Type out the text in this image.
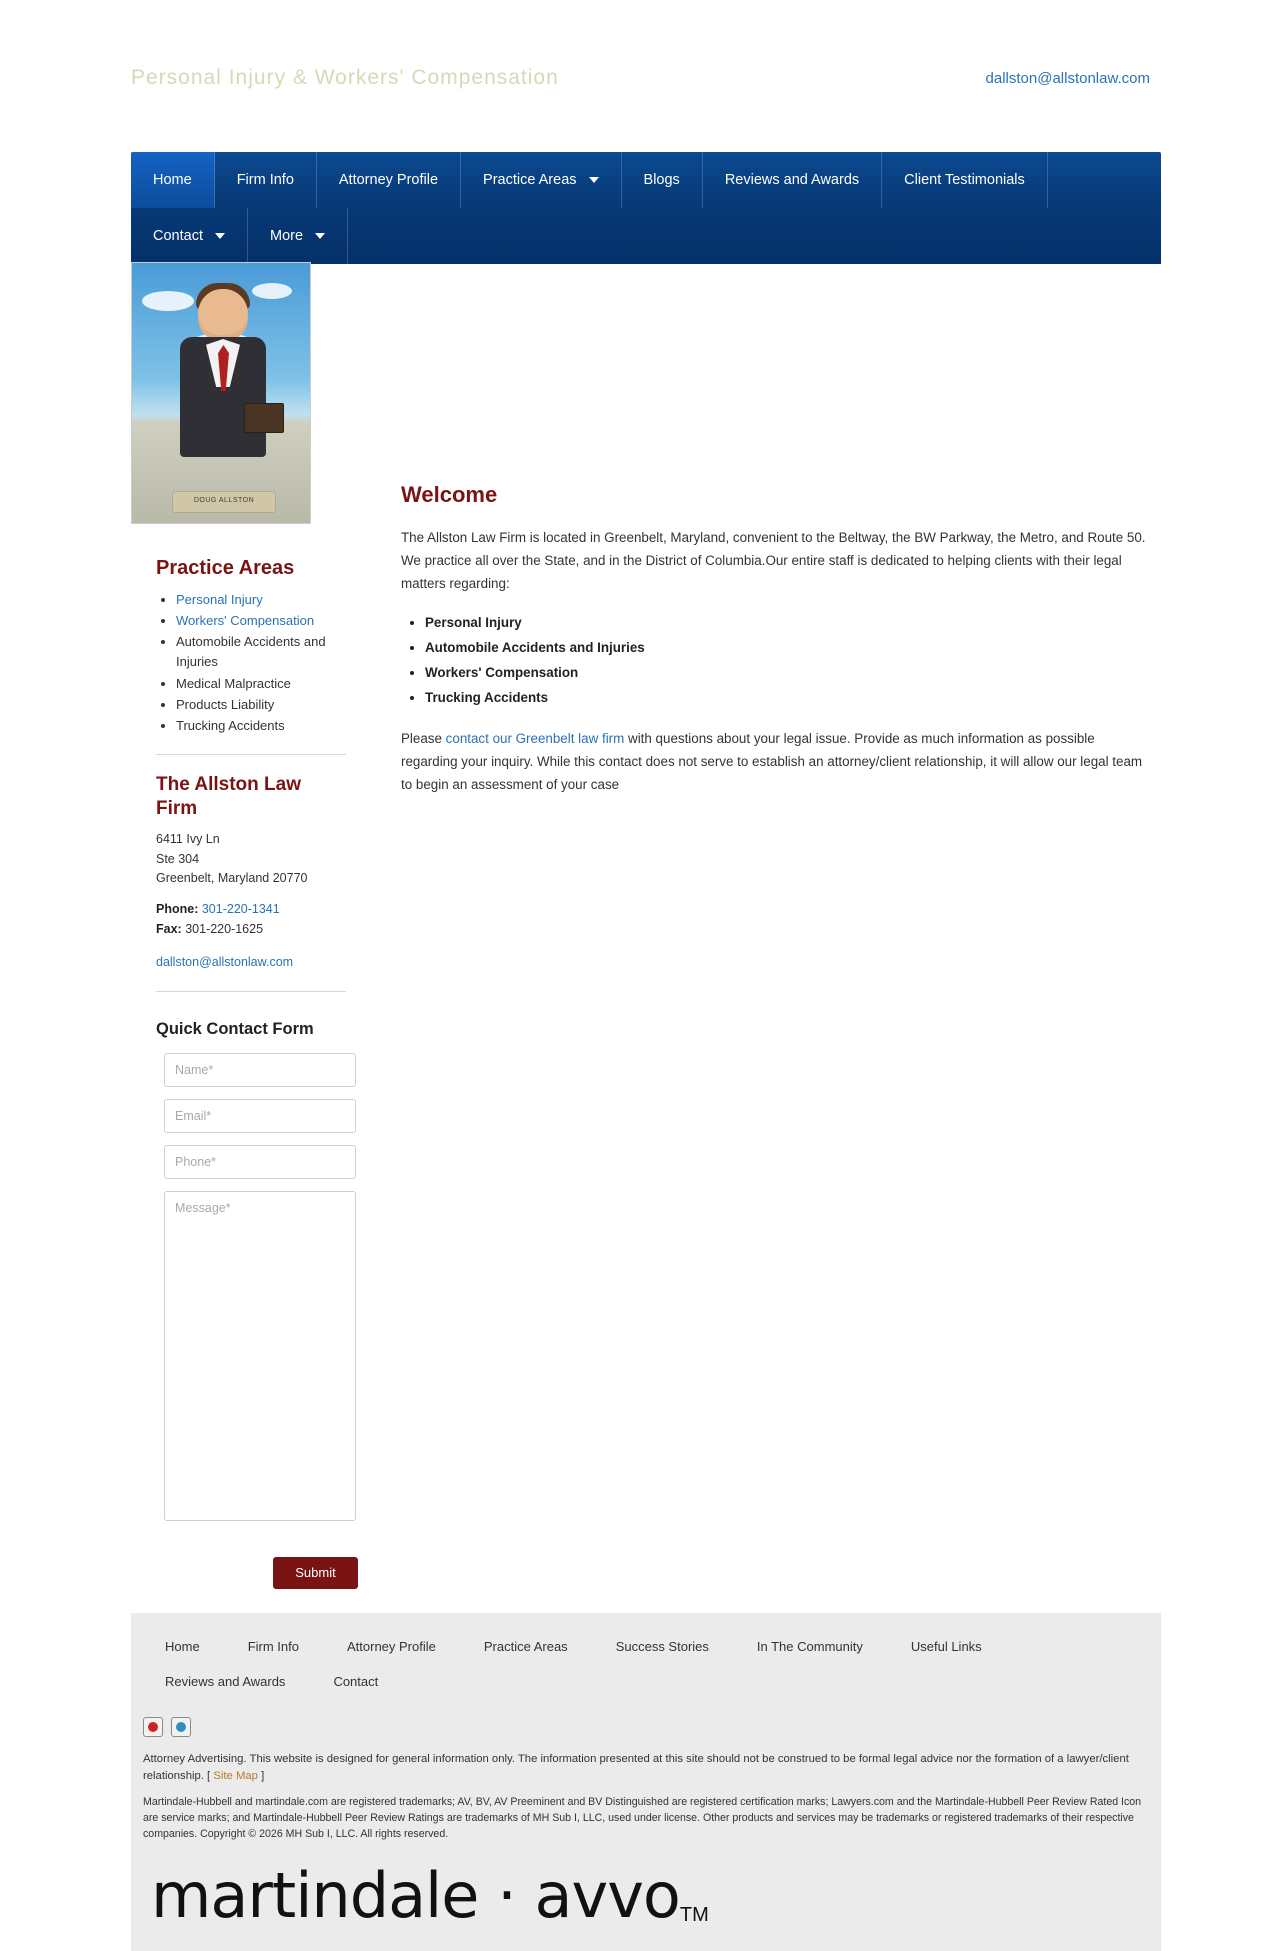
Personal Injury & Workers' Compensation	dallston@allstonlaw.com
Home	Firm Info	Attorney Profile	Practice Areas	Blogs	Reviews and Awards	Client Testimonials
Contact	More
DOUG ALLSTON
Practice Areas
• Personal Injury
• Workers' Compensation
• Automobile Accidents and Injuries
• Medical Malpractice
• Products Liability
• Trucking Accidents
The Allston Law Firm
6411 Ivy Ln
Ste 304
Greenbelt, Maryland 20770
Phone: 301-220-1341
Fax: 301-220-1625
dallston@allstonlaw.com
Quick Contact Form
Name*
Email*
Phone*
Message* Submit
Welcome

The Allston Law Firm is located in Greenbelt, Maryland, convenient to the Beltway, the BW Parkway, the Metro, and Route 50. We practice all over the State, and in the District of Columbia.Our entire staff is dedicated to helping clients with their legal matters regarding:

• Personal Injury
• Automobile Accidents and Injuries
• Workers' Compensation
• Trucking Accidents

Please contact our Greenbelt law firm with questions about your legal issue. Provide as much information as possible regarding your inquiry. While this contact does not serve to establish an attorney/client relationship, it will allow our legal team to begin an assessment of your case

Home	Firm Info	Attorney Profile	Practice Areas	Success Stories	In The Community	Useful Links
Reviews and Awards	Contact
Attorney Advertising. This website is designed for general information only. The information presented at this site should not be construed to be formal legal advice nor the formation of a lawyer/client relationship. [ Site Map ]
Martindale-Hubbell and martindale.com are registered trademarks; AV, BV, AV Preeminent and BV Distinguished are registered certification marks; Lawyers.com and the Martindale-Hubbell Peer Review Rated Icon are service marks; and Martindale-Hubbell Peer Review Ratings are trademarks of MH Sub I, LLC, used under license. Other products and services may be trademarks or registered trademarks of their respective companies. Copyright © 2026 MH Sub I, LLC. All rights reserved.
martindale · avvo TM
